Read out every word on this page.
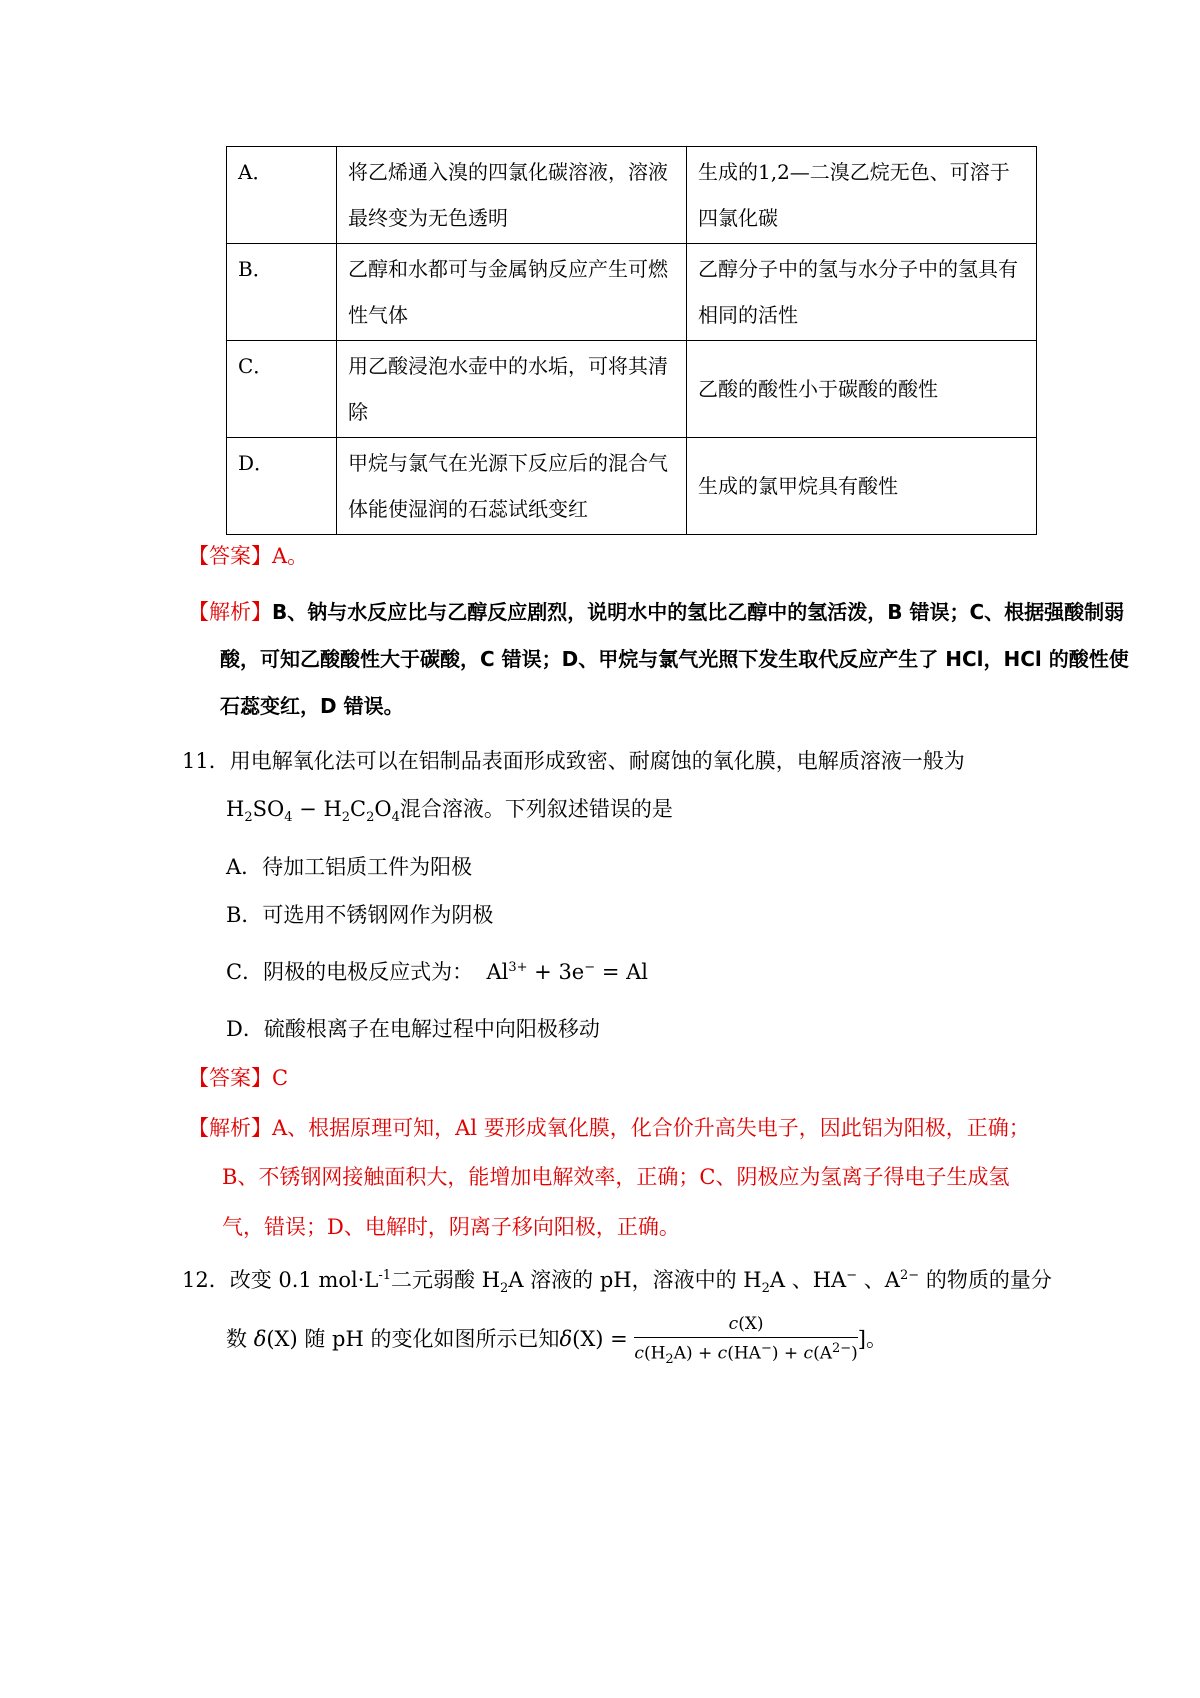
A．	将乙烯通入溴的四氯化碳溶液，溶液最终变为无色透明	生成的1,2—二溴乙烷无色、可溶于四氯化碳
B．	乙醇和水都可与金属钠反应产生可燃性气体	乙醇分子中的氢与水分子中的氢具有相同的活性
C．	用乙酸浸泡水壶中的水垢，可将其清除	乙酸的酸性小于碳酸的酸性
D．	甲烷与氯气在光源下反应后的混合气体能使湿润的石蕊试纸变红	生成的氯甲烷具有酸性
【答案】A。
【解析】B、钠与水反应比与乙醇反应剧烈，说明水中的氢比乙醇中的氢活泼，B 错误；C、根据强酸制弱
酸，可知乙酸酸性大于碳酸，C 错误；D、甲烷与氯气光照下发生取代反应产生了 HCl，HCl 的酸性使
石蕊变红，D 错误。
11．用电解氧化法可以在铝制品表面形成致密、耐腐蚀的氧化膜，电解质溶液一般为
$H_2SO_4 - H_2C_2O_4$混合溶液。下列叙述错误的是
A．待加工铝质工件为阳极
B．可选用不锈钢网作为阴极
C．阴极的电极反应式为：  $Al^{3+} + 3e^- = Al$
D．硫酸根离子在电解过程中向阳极移动
【答案】C
【解析】A、根据原理可知，Al 要形成氧化膜，化合价升高失电子，因此铝为阳极，正确；
B、不锈钢网接触面积大，能增加电解效率，正确；C、阴极应为氢离子得电子生成氢
气，错误；D、电解时，阴离子移向阳极，正确。
12．改变 0.1 $mol\cdot L^{-1}$二元弱酸 $H_2A$ 溶液的 pH，溶液中的 $H_2A$ 、HA− 、$A^{2-}$ 的物质的量分
数 δ(X) 随 pH 的变化如图所示已知$\delta(X) = \frac{c(X)}{c(H_2A) + c(HA^-) + c(A^{2-})}$ ]。
